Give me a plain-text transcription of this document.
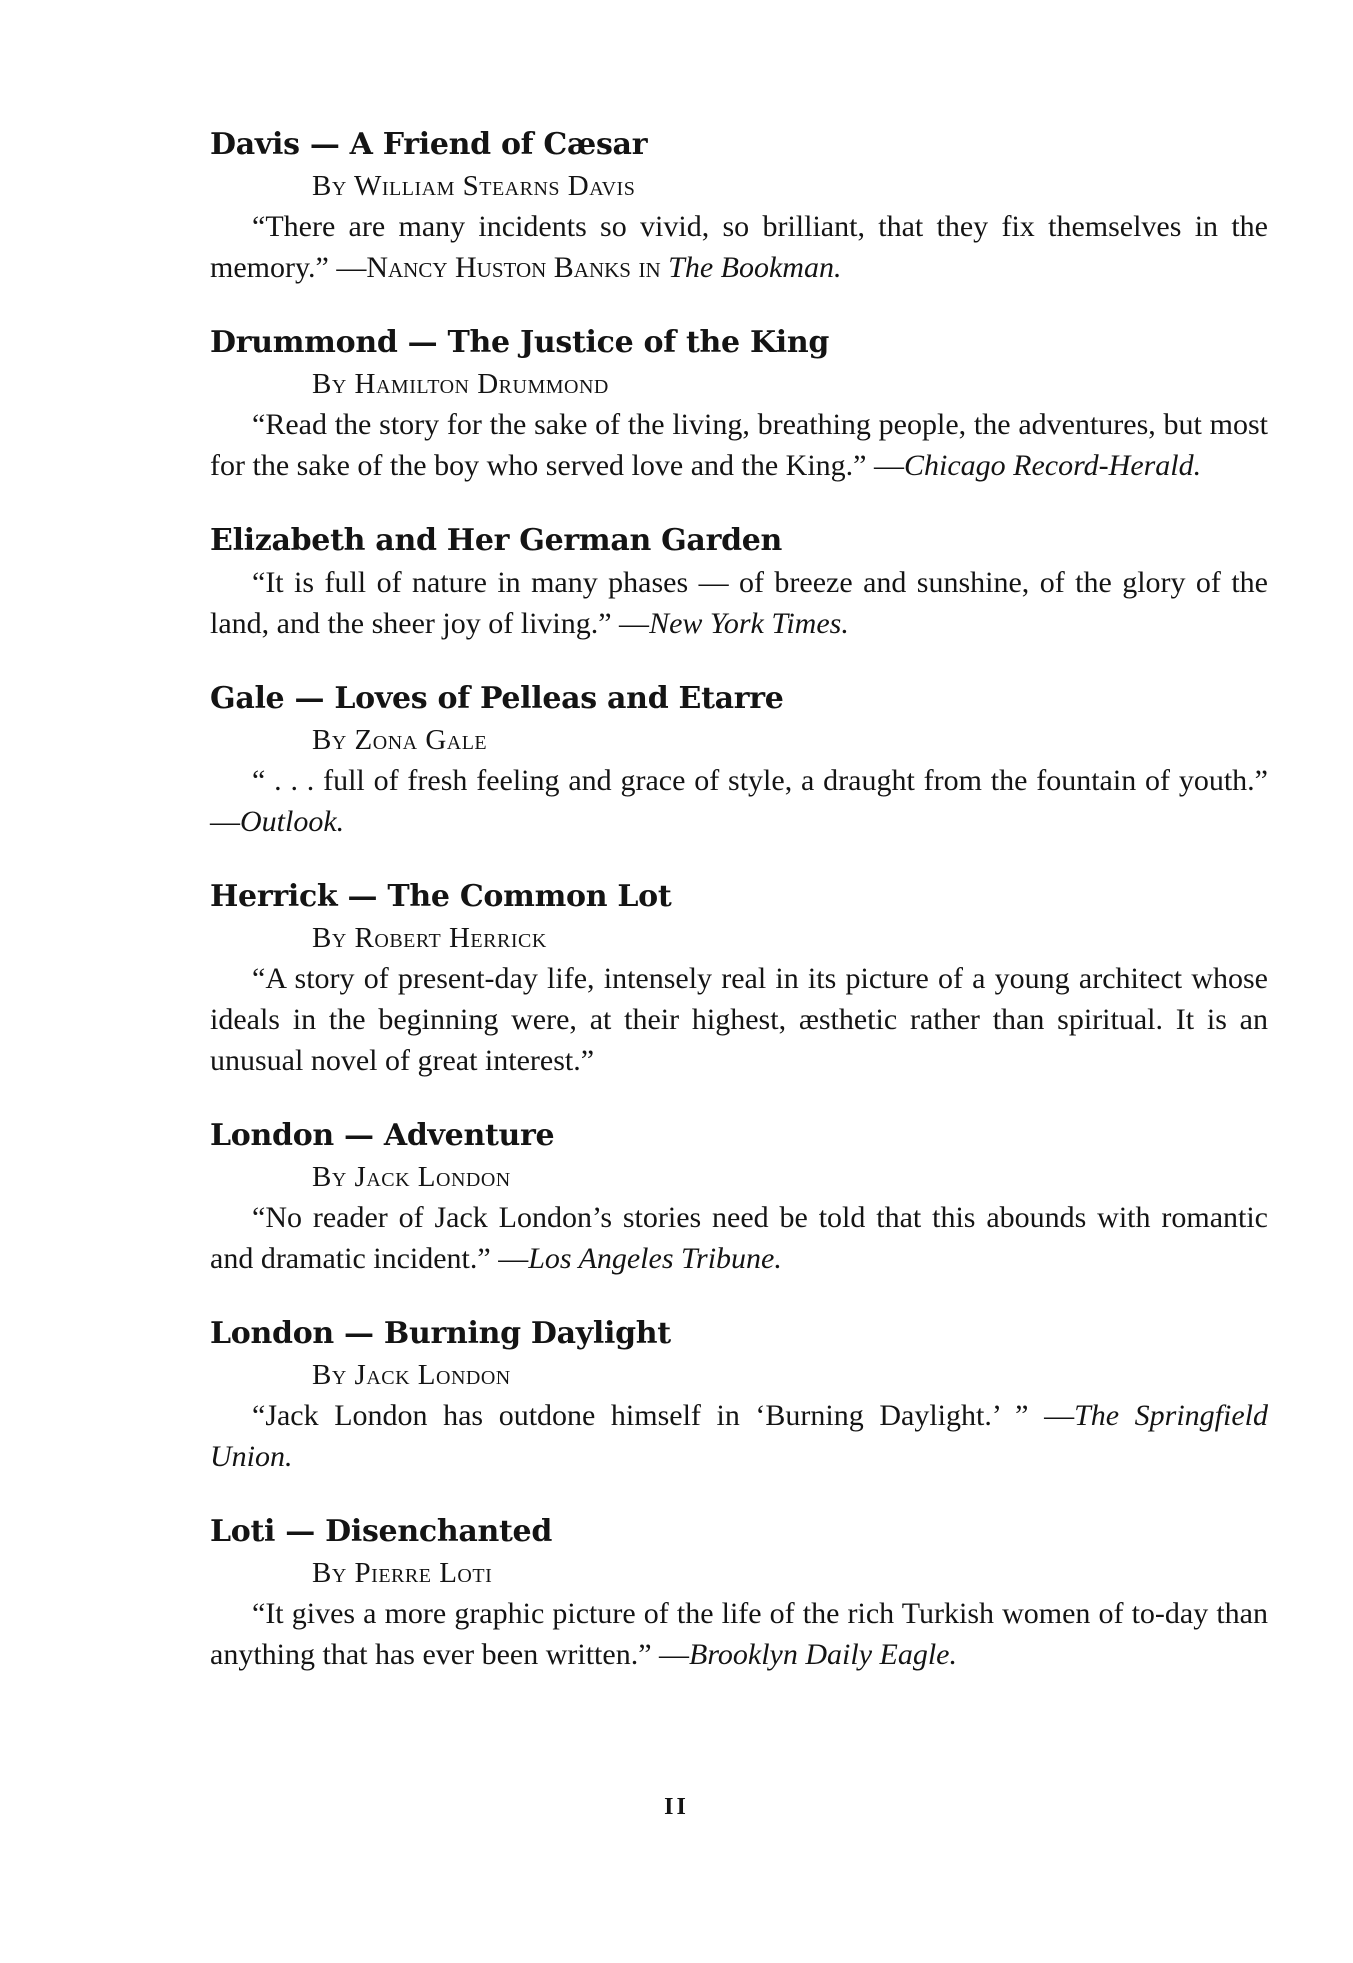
Davis — A Friend of Cæsar
By William Stearns Davis
“There are many incidents so vivid, so brilliant, that they fix themselves in the memory.” —Nancy Huston Banks in The Bookman.
Drummond — The Justice of the King
By Hamilton Drummond
“Read the story for the sake of the living, breathing people, the adventures, but most for the sake of the boy who served love and the King.” —Chicago Record-Herald.
Elizabeth and Her German Garden
“It is full of nature in many phases — of breeze and sunshine, of the glory of the land, and the sheer joy of living.” —New York Times.
Gale — Loves of Pelleas and Etarre
By Zona Gale
“ . . . full of fresh feeling and grace of style, a draught from the fountain of youth.” —Outlook.
Herrick — The Common Lot
By Robert Herrick
“A story of present-day life, intensely real in its picture of a young architect whose ideals in the beginning were, at their highest, æsthetic rather than spiritual. It is an unusual novel of great interest.”
London — Adventure
By Jack London
“No reader of Jack London’s stories need be told that this abounds with romantic and dramatic incident.” —Los Angeles Tribune.
London — Burning Daylight
By Jack London
“Jack London has outdone himself in ‘Burning Daylight.’ ” —The Springfield Union.
Loti — Disenchanted
By Pierre Loti
“It gives a more graphic picture of the life of the rich Turkish women of to-day than anything that has ever been written.” —Brooklyn Daily Eagle.
II
